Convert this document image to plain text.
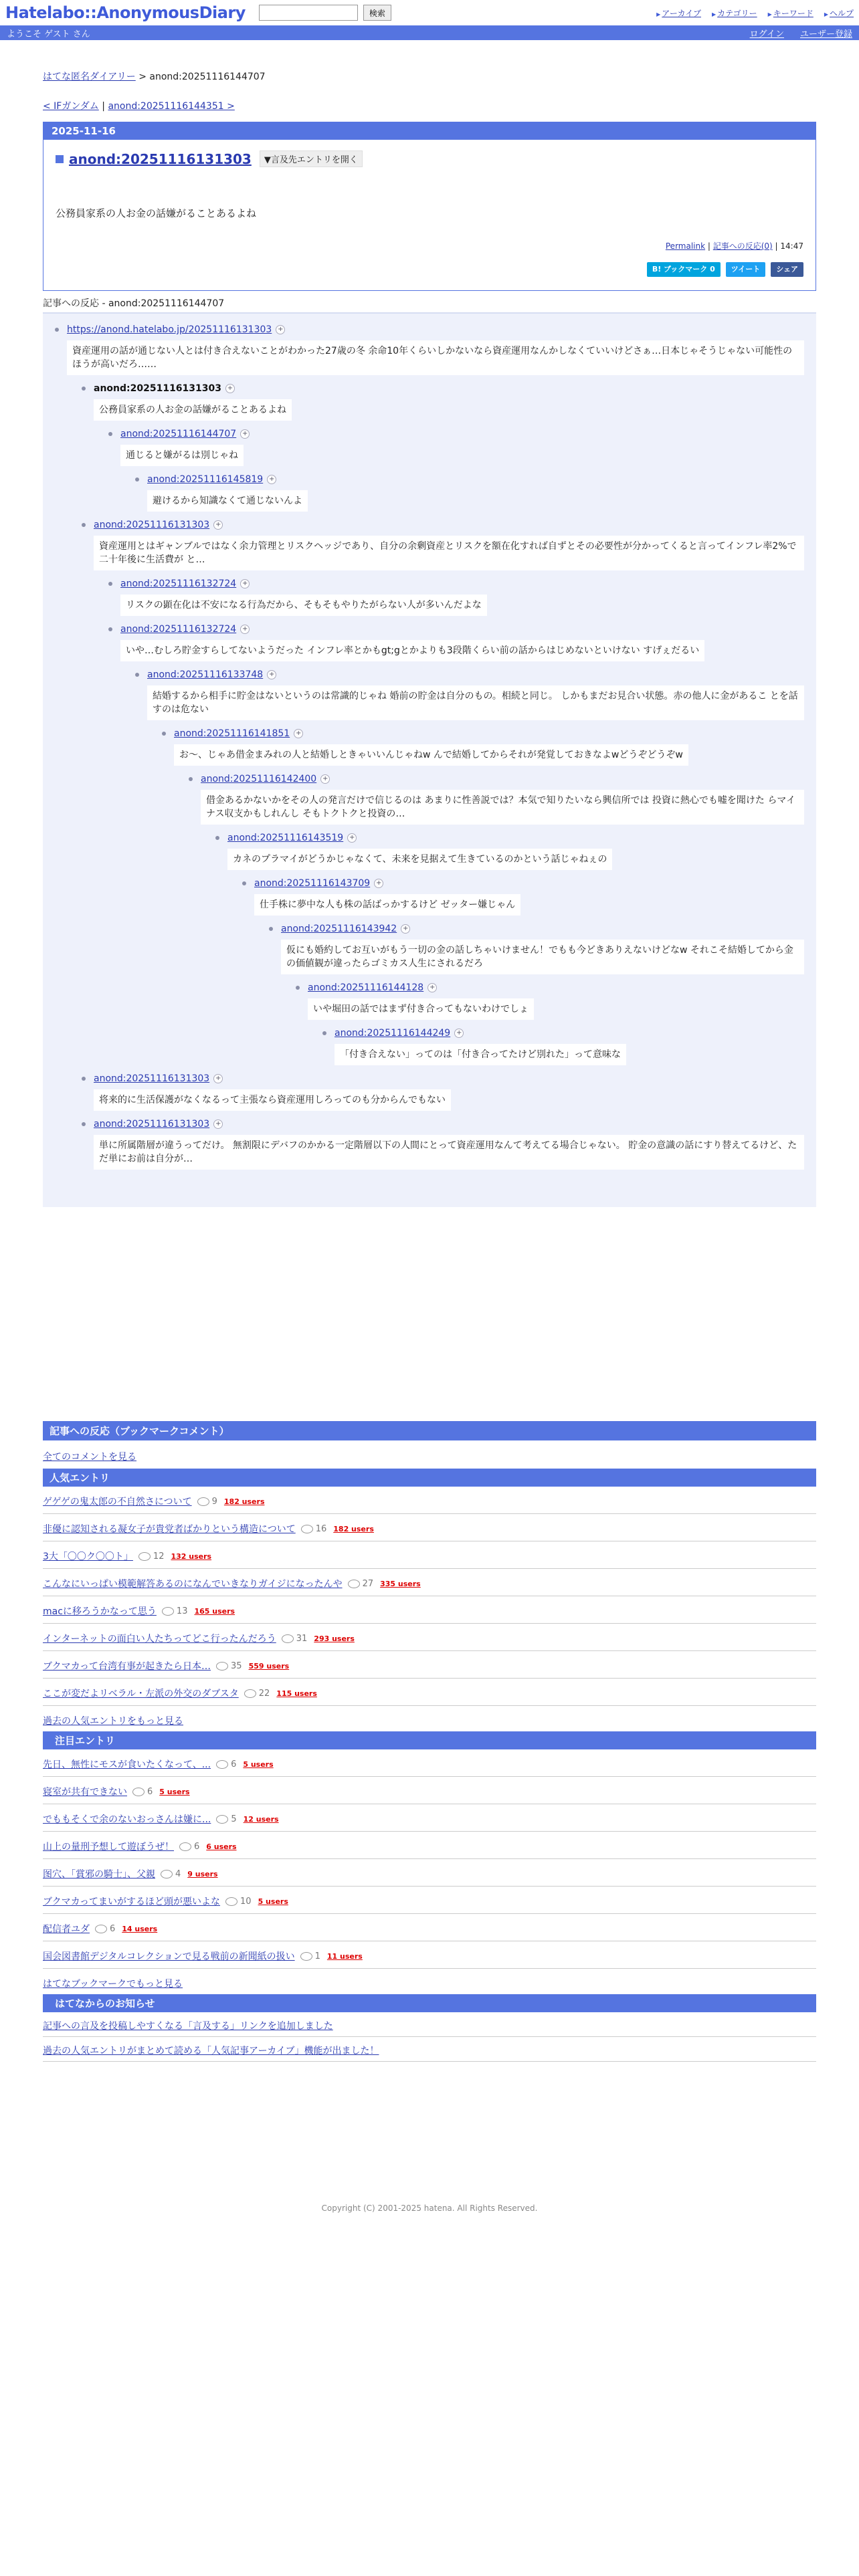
Hatelabo::AnonymousDiary	検索	▶ アーカイブ	▶ カテゴリー	▶ キーワード	▶ ヘルプ
ようこそ ゲスト さん	ログイン ユーザー登録
はてな匿名ダイアリー > anond:20251116144707
< IFガンダム | anond:20251116144351 >
2025-11-16
anond:20251116131303	▼言及先エントリを開く
公務員家系の人お金の話嫌がることあるよね
Permalink | 記事への反応(0) | 14:47
B! ブックマーク 0	ツイート	シェア
記事への反応 - anond:20251116144707
https://anond.hatelabo.jp/20251116131303 +
資産運用の話が通じない人とは付き合えないことがわかった27歳の冬 余命10年くらいしかないなら資産運用なんかしなくていいけどさぁ…日本じゃそうじゃない可能性のほうが高いだろ……
anond:20251116131303 +
公務員家系の人お金の話嫌がることあるよね
anond:20251116144707 +
通じると嫌がるは別じゃね
anond:20251116145819 +
避けるから知識なくて通じないんよ
anond:20251116131303 +
資産運用とはギャンブルではなく余力管理とリスクヘッジであり、自分の余剰資産とリスクを額在化すれば自ずとその必要性が分かってくると言ってインフレ率2%で二十年後に生活費が と…
anond:20251116132724 +
リスクの顕在化は不安になる行為だから、そもそもやりたがらない人が多いんだよな
anond:20251116132724 +
いや…むしろ貯金すらしてないようだった インフレ率とかもgt;gとかよりも3段階くらい前の話からはじめないといけない すげぇだるい
anond:20251116133748 +
結婚するから相手に貯金はないというのは常識的じゃね 婚前の貯金は自分のもの。相続と同じ。 しかもまだお見合い状態。赤の他人に金があるこ とを話すのは危ない
anond:20251116141851 +
お〜、じゃあ借金まみれの人と結婚しときゃいいんじゃねw んで結婚してからそれが発覚しておきなよwどうぞどうぞw
anond:20251116142400 +
借金あるかないかをその人の発言だけで信じるのは あまりに性善説では？本気で知りたいなら興信所では 投資に熱心でも嘘を聞けた らマイナス収支かもしれんし そもトクトクと投資の…
anond:20251116143519 +
カネのプラマイがどうかじゃなくて、未来を見据えて生きているのかという話じゃねぇの
anond:20251116143709 +
仕手株に夢中な人も株の話ばっかするけど ゼッター嫌じゃん
anond:20251116143942 +
仮にも婚約してお互いがもう一切の金の話しちゃいけません！でもも今どきありえないけどなw それこそ結婚してから金の価値観が違ったらゴミカス人生にされるだろ
anond:20251116144128 +
いや堀田の話ではまず付き合ってもないわけでしょ
anond:20251116144249 +
「付き合えない」ってのは「付き合ってたけど別れた」って意味な
anond:20251116131303 +
将来的に生活保護がなくなるって主張なら資産運用しろってのも分からんでもない
anond:20251116131303 +
単に所属階層が違うってだけ。 無割限にデバフのかかる一定階層以下の人間にとって資産運用なんて考えてる場合じゃない。 貯金の意識の話にすり替えてるけど、ただ単にお前は自分が…
記事への反応（ブックマークコメント）
全てのコメントを見る
人気エントリ
ゲゲゲの鬼太郎の不自然さについて	9 182 users
非優に認知される凝女子が貴党者ばかりという構造について	16 182 users
3大「〇〇ク〇〇ト」	12 132 users
こんなにいっぱい模範解答あるのになんでいきなりガイジになったんや	27 335 users
macに移ろうかなって思う	13 165 users
インターネットの面白い人たちってどこ行ったんだろう	31 293 users
ブクマカって台湾有事が起きたら日本…	35 559 users
ここが変だよリベラル・左派の外交のダブスタ	22 115 users
過去の人気エントリをもっと見る
注目エントリ
先日、無性にモスが食いたくなって、...	6 5 users
寝室が共有できない	6 5 users
でももそくで余のないおっさんは嫌に...	5 12 users
山上の量刑予想して遊ぼうぜ！	6 6 users
图穴、「賞邪の騎士」、父親	4 9 users
ブクマカってまいがするほど頭が悪いよな	10 5 users
配信者ユダ	6 14 users
国会図書館デジタルコレクションで見る戦前の新聞紙の扱い	1 11 users
はてなブックマークでもっと見る
はてなからのお知らせ
記事への言及を投稿しやすくなる「言及する」リンクを追加しました
過去の人気エントリがまとめて読める「人気記事アーカイブ」機能が出ました！
Copyright (C) 2001-2025 hatena. All Rights Reserved.
